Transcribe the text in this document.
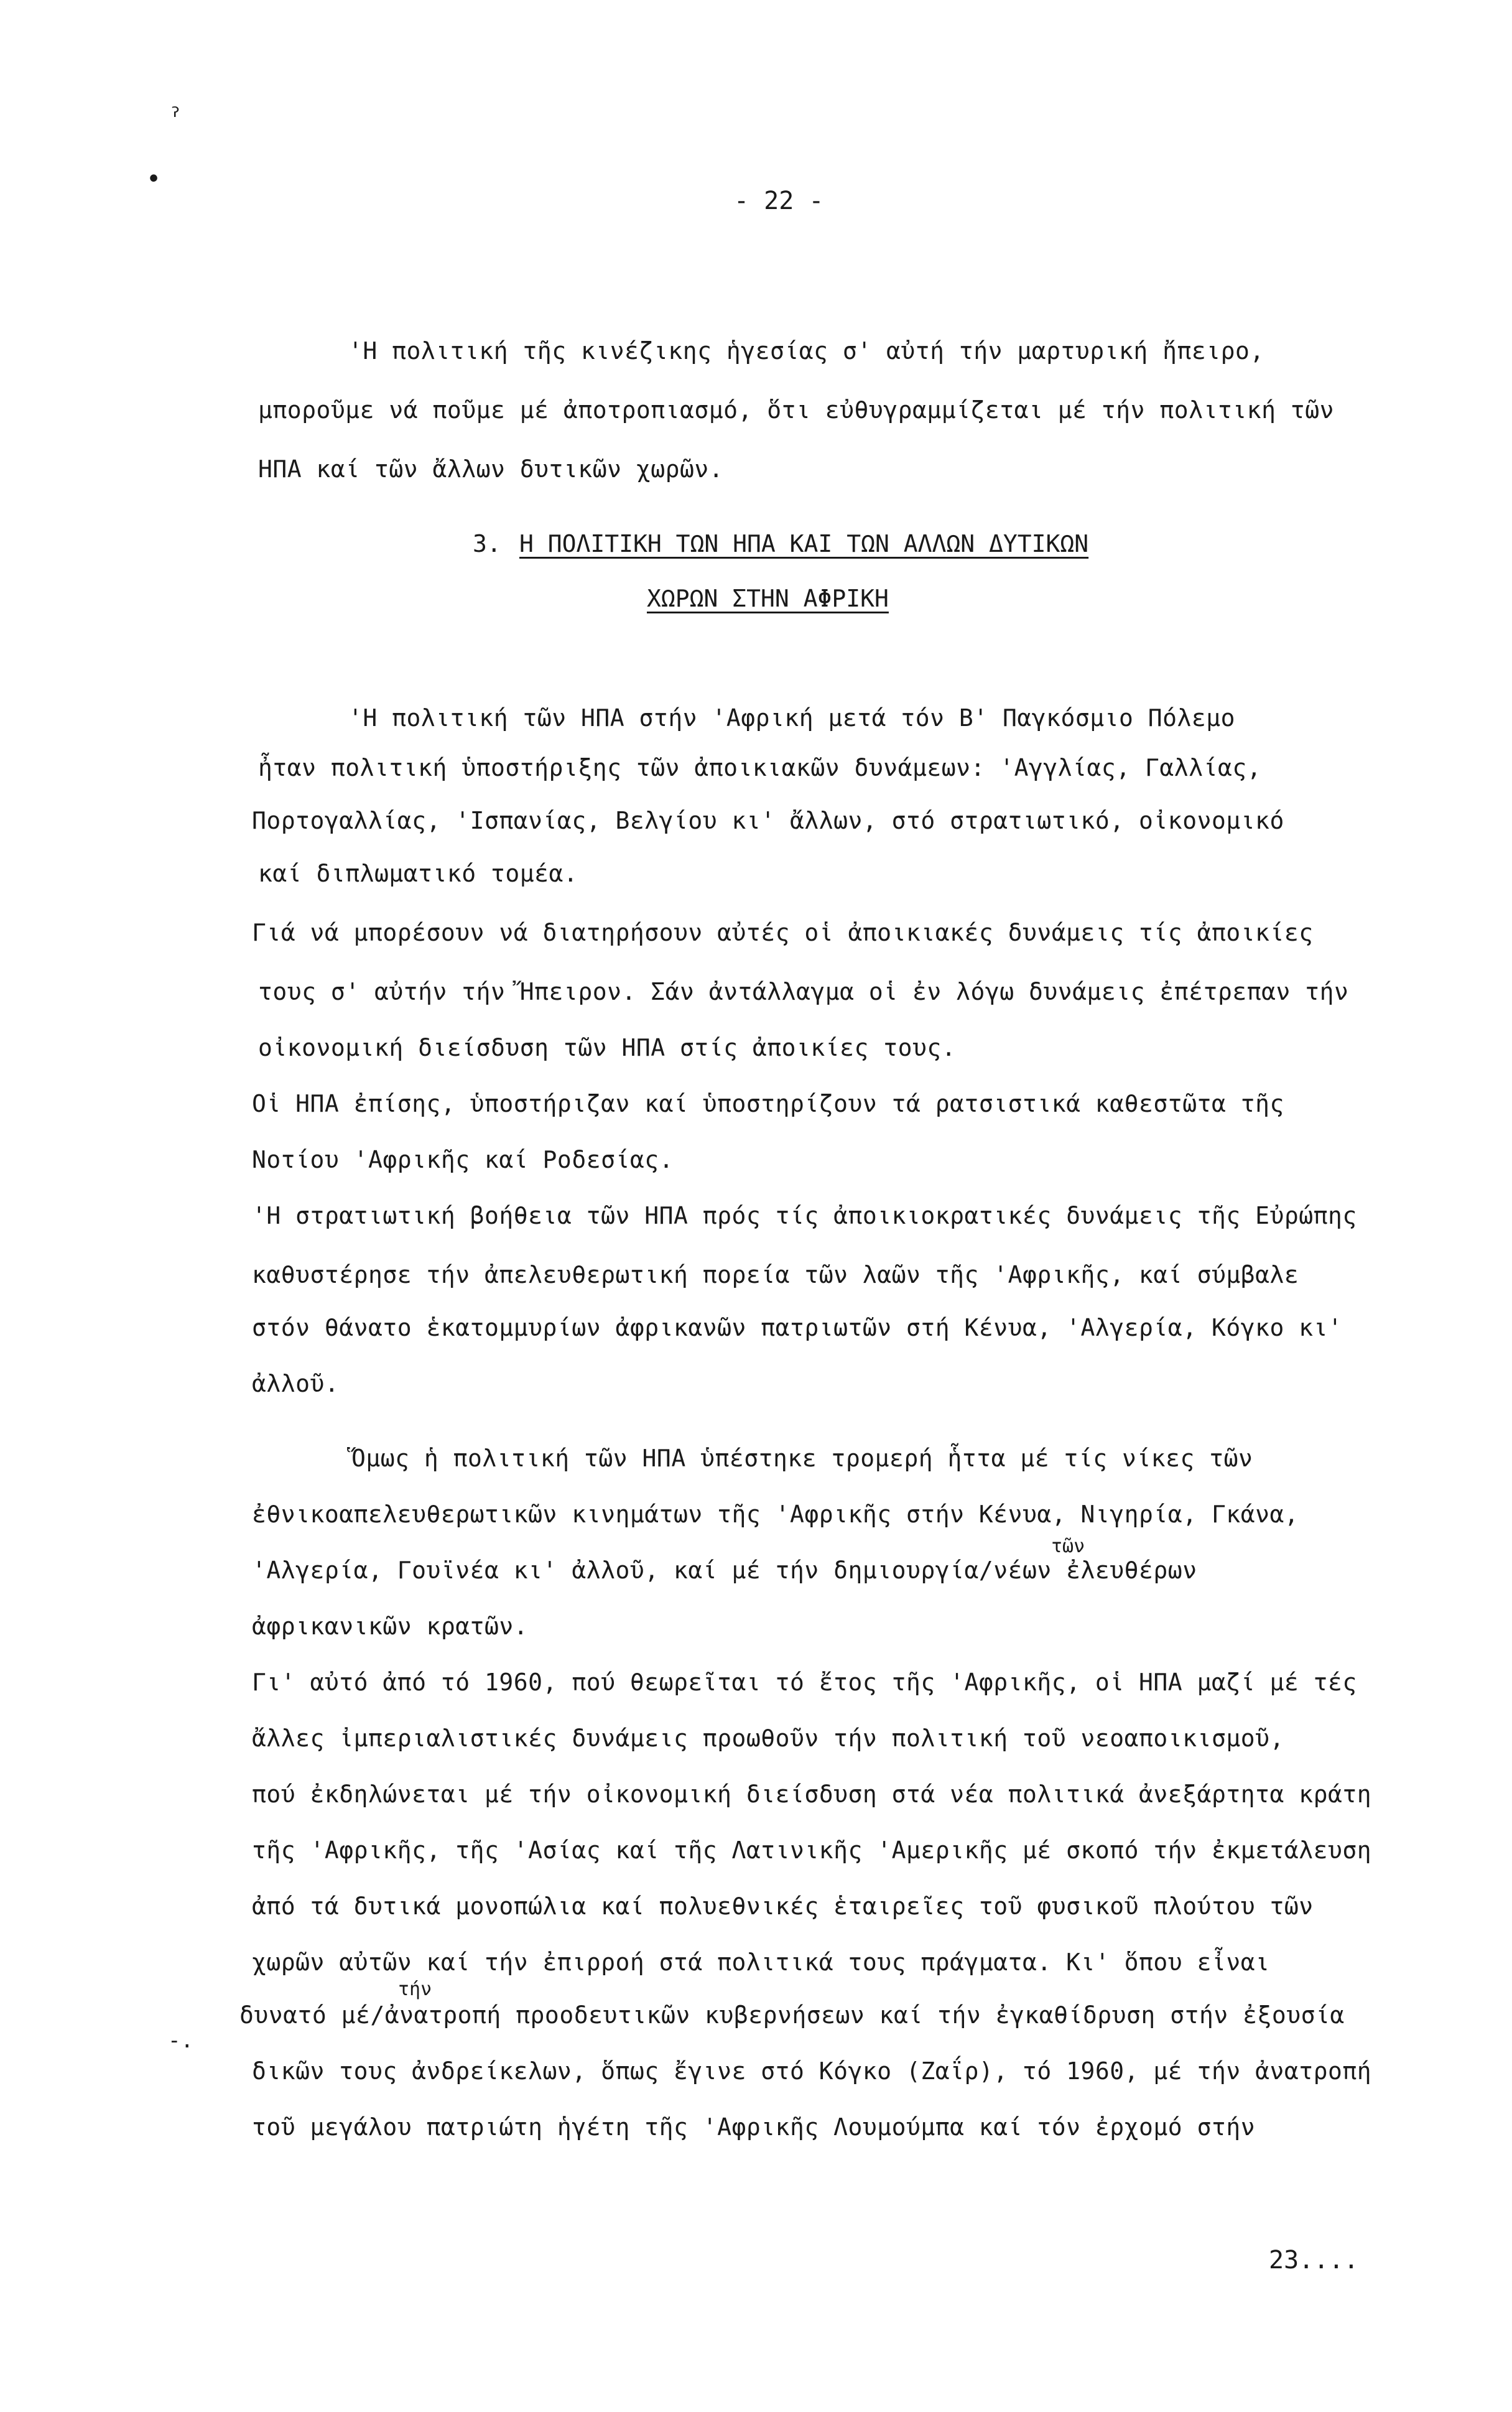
ˀ
•
- 22 -
'Η πολιτική τῆς κινέζικης ἡγεσίας σ' αὐτή τήν μαρτυρική ἤπειρο,
μποροῦμε νά ποῦμε μέ ἀποτροπιασμό, ὅτι εὐθυγραμμίζεται μέ τήν πολιτική τῶν
ΗΠΑ καί τῶν ἄλλων δυτικῶν χωρῶν.
3. Η ΠΟΛΙΤΙΚΗ ΤΩΝ ΗΠΑ ΚΑΙ ΤΩΝ ΑΛΛΩΝ ΔΥΤΙΚΩΝ
ΧΩΡΩΝ ΣΤΗΝ ΑΦΡΙΚΗ
'Η πολιτική τῶν ΗΠΑ στήν 'Αφρική μετά τόν Β' Παγκόσμιο Πόλεμο
ἦταν πολιτική ὑποστήριξης τῶν ἀποικιακῶν δυνάμεων: 'Αγγλίας, Γαλλίας,
Πορτογαλλίας, 'Ισπανίας, Βελγίου κι' ἄλλων, στό στρατιωτικό, οἰκονομικό
καί διπλωματικό τομέα.
Γιά νά μπορέσουν νά διατηρήσουν αὐτές οἱ ἀποικιακές δυνάμεις τίς ἀποικίες
τους σ' αὐτήν τήν Ἤπειρον. Σάν ἀντάλλαγμα οἱ ἐν λόγω δυνάμεις ἐπέτρεπαν τήν
οἰκονομική διείσδυση τῶν ΗΠΑ στίς ἀποικίες τους.
Οἱ ΗΠΑ ἐπίσης, ὑποστήριζαν καί ὑποστηρίζουν τά ρατσιστικά καθεστῶτα τῆς
Νοτίου 'Αφρικῆς καί Ροδεσίας.
'Η στρατιωτική βοήθεια τῶν ΗΠΑ πρός τίς ἀποικιοκρατικές δυνάμεις τῆς Εὐρώπης
καθυστέρησε τήν ἀπελευθερωτική πορεία τῶν λαῶν τῆς 'Αφρικῆς, καί σύμβαλε
στόν θάνατο ἑκατομμυρίων ἀφρικανῶν πατριωτῶν στή Κένυα, 'Αλγερία, Κόγκο κι'
ἀλλοῦ.
Ὅμως ἡ πολιτική τῶν ΗΠΑ ὑπέστηκε τρομερή ἧττα μέ τίς νίκες τῶν
ἐθνικοαπελευθερωτικῶν κινημάτων τῆς 'Αφρικῆς στήν Κένυα, Νιγηρία, Γκάνα,
τῶν
'Αλγερία, Γουϊνέα κι' ἀλλοῦ, καί μέ τήν δημιουργία/νέων ἐλευθέρων
ἀφρικανικῶν κρατῶν.
Γι' αὐτό ἀπό τό 1960, πού θεωρεῖται τό ἔτος τῆς 'Αφρικῆς, οἱ ΗΠΑ μαζί μέ τές
ἄλλες ἰμπεριαλιστικές δυνάμεις προωθοῦν τήν πολιτική τοῦ νεοαποικισμοῦ,
πού ἐκδηλώνεται μέ τήν οἰκονομική διείσδυση στά νέα πολιτικά ἀνεξάρτητα κράτη
τῆς 'Αφρικῆς, τῆς 'Ασίας καί τῆς Λατινικῆς 'Αμερικῆς μέ σκοπό τήν ἐκμετάλευση
ἀπό τά δυτικά μονοπώλια καί πολυεθνικές ἑταιρεῖες τοῦ φυσικοῦ πλούτου τῶν
χωρῶν αὐτῶν καί τήν ἐπιρροή στά πολιτικά τους πράγματα. Κι' ὅπου εἶναι
τήν
δυνατό μέ/ἀνατροπή προοδευτικῶν κυβερνήσεων καί τήν ἐγκαθίδρυση στήν ἐξουσία
δικῶν τους ἀνδρείκελων, ὅπως ἔγινε στό Κόγκο (Ζαΐρ), τό 1960, μέ τήν ἀνατροπή
τοῦ μεγάλου πατριώτη ἡγέτη τῆς 'Αφρικῆς Λουμούμπα καί τόν ἐρχομό στήν
-.
23....
